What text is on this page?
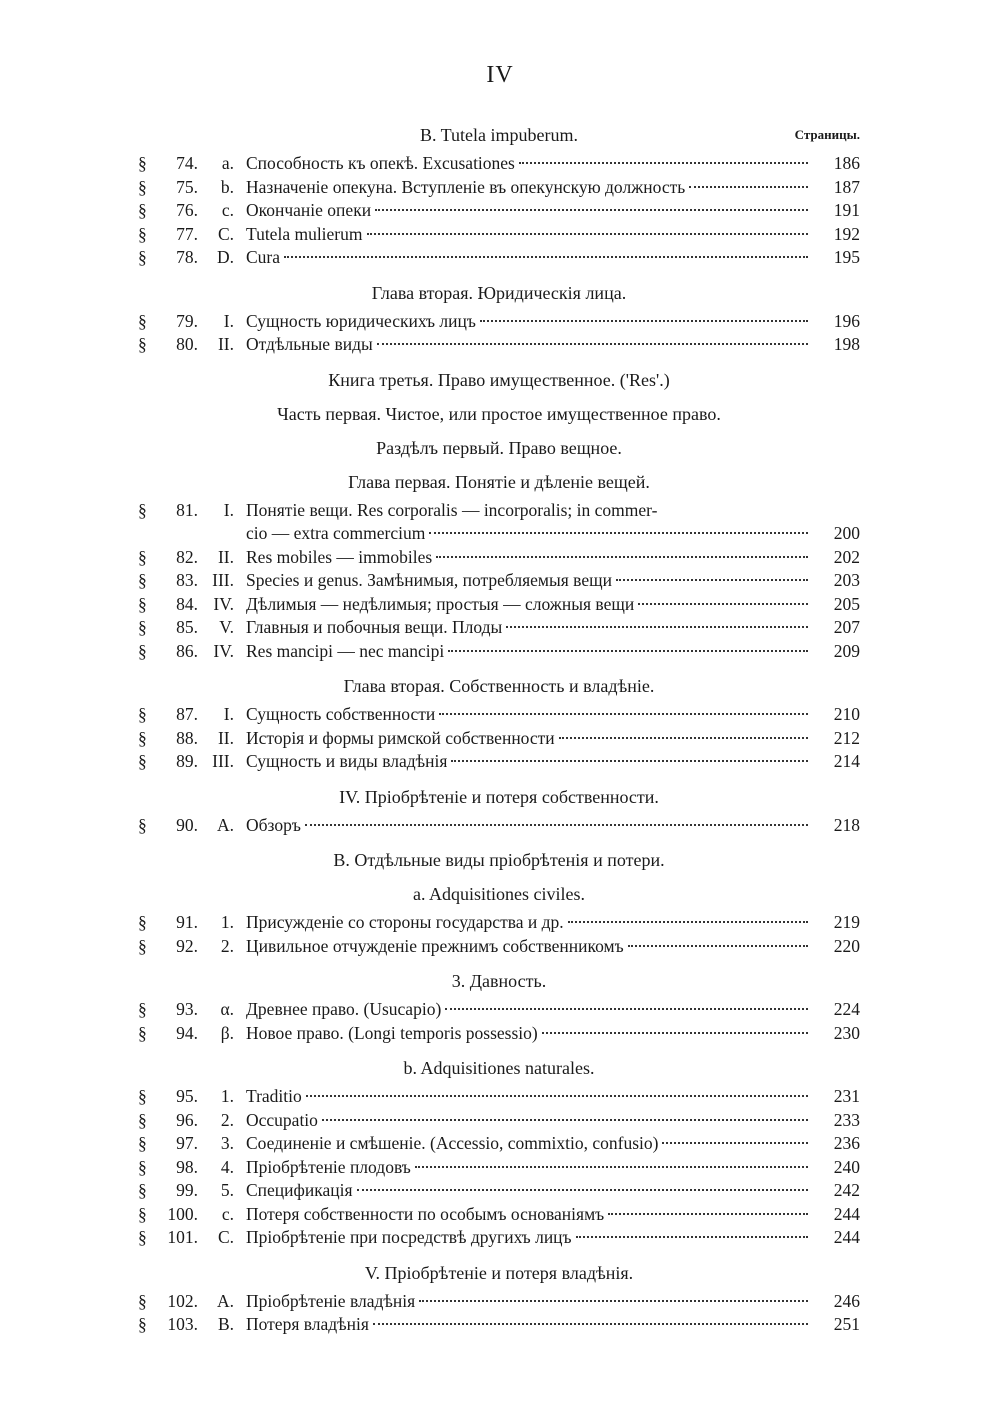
IV
B. Tutela impuberum.	Страницы.
§	74.	a. Способность къ опекѣ. Excusationes	186
§	75.	b. Назначеніе опекуна. Вступленіе въ опекунскую должность	187
§	76.	c. Окончаніе опеки	191
§	77.	C. Tutela mulierum	192
§	78.	D. Cura	195
Глава вторая. Юридическія лица.
§	79.	I. Сущность юридическихъ лицъ	196
§	80.	II. Отдѣльные виды	198
Книга третья. Право имущественное. ('Res'.)
Часть первая. Чистое, или простое имущественное право.
Раздѣлъ первый. Право вещное.
Глава первая. Понятіе и дѣленіе вещей.
§	81.	I. Понятіе вещи. Res corporalis — incorporalis; in commer-
cio — extra commercium	200
§	82.	II. Res mobiles — immobiles	202
§	83. III. Species и genus. Замѣнимыя, потребляемыя вещи	203
§	84. IV. Дѣлимыя — недѣлимыя; простыя — сложныя вещи	205
§	85.	V. Главныя и побочныя вещи. Плоды	207
§	86. IV. Res mancipi — nec mancipi	209
Глава вторая. Собственность и владѣніе.
§	87.	I. Сущность собственности	210
§	88.	II. Исторія и формы римской собственности	212
§	89. III. Сущность и виды владѣнія	214
IV. Пріобрѣтеніе и потеря собственности.
§	90.	A. Обзоръ	218
B. Отдѣльные виды пріобрѣтенія и потери.
a. Adquisitiones civiles.
§	91.	1. Присужденіе со стороны государства и др.	219
§	92.	2. Цивильное отчужденіе прежнимъ собственникомъ	220
3. Давность.
§	93.	α. Древнее право. (Usucapio)	224
§	94.	β. Новое право. (Longi temporis possessio)	230
b. Adquisitiones naturales.
§	95.	1. Traditio	231
§	96.	2. Occupatio	233
§	97.	3. Соединеніе и смѣшеніе. (Accessio, commixtio, confusio)	236
§	98.	4. Пріобрѣтеніе плодовъ	240
§	99.	5. Спецификація	242
§	100.	c. Потеря собственности по особымъ основаніямъ	244
§	101.	C. Пріобрѣтеніе при посредствѣ другихъ лицъ	244
V. Пріобрѣтеніе и потеря владѣнія.
§	102.	A. Пріобрѣтеніе владѣнія	246
§	103.	B. Потеря владѣнія	251
